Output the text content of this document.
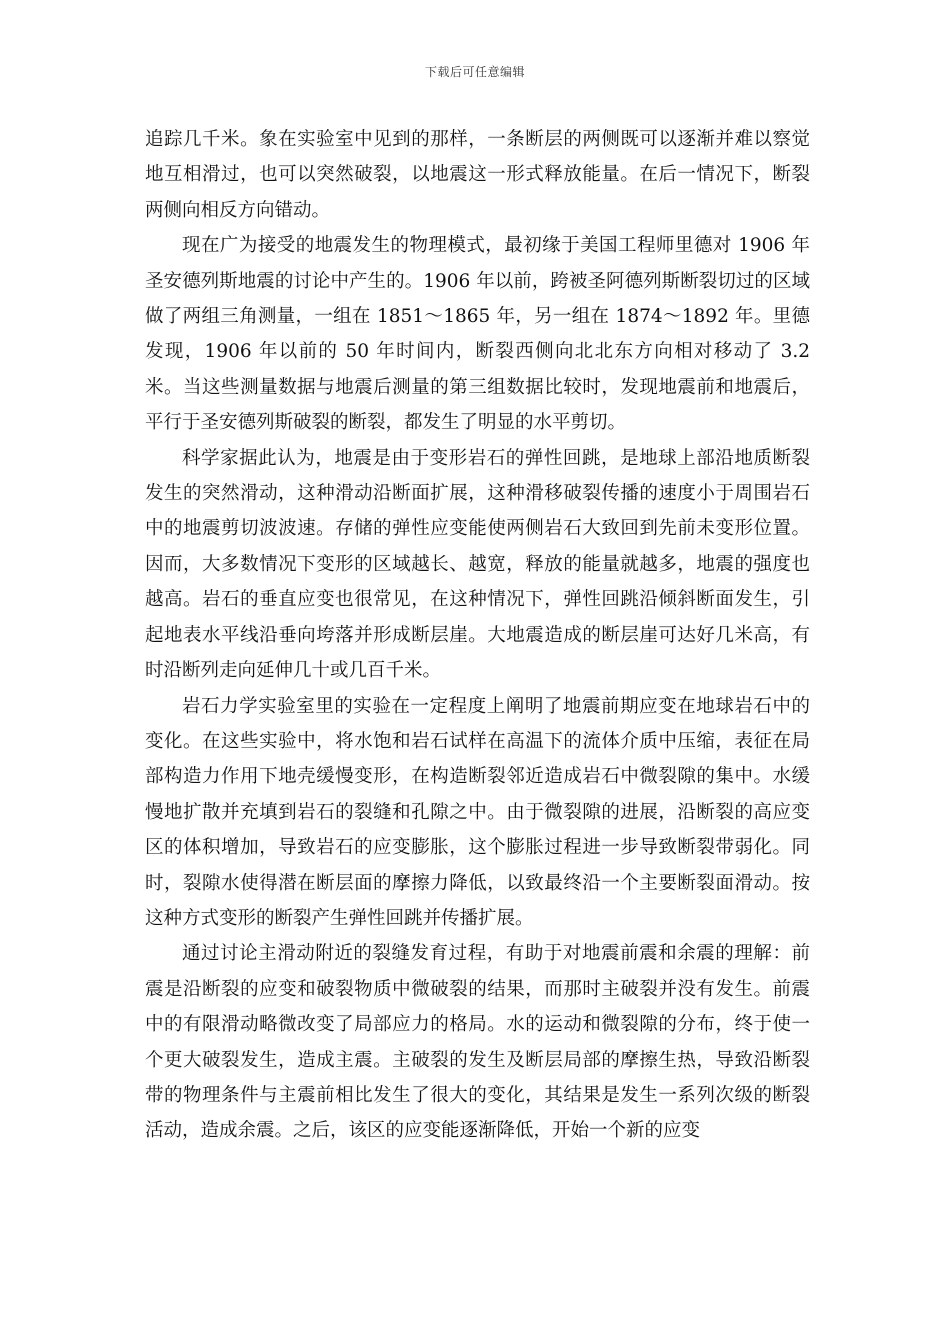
下载后可任意编辑

追踪几千米。象在实验室中见到的那样，一条断层的两侧既可以逐渐并难以察觉地互相滑过，也可以突然破裂，以地震这一形式释放能量。在后一情况下，断裂两侧向相反方向错动。

现在广为接受的地震发生的物理模式，最初缘于美国工程师里德对 1906 年圣安德列斯地震的讨论中产生的。1906 年以前，跨被圣阿德列斯断裂切过的区域做了两组三角测量，一组在 1851～1865 年，另一组在 1874～1892 年。里德发现，1906 年以前的 50 年时间内，断裂西侧向北北东方向相对移动了 3.2 米。当这些测量数据与地震后测量的第三组数据比较时，发现地震前和地震后，平行于圣安德列斯破裂的断裂，都发生了明显的水平剪切。

科学家据此认为，地震是由于变形岩石的弹性回跳，是地球上部沿地质断裂发生的突然滑动，这种滑动沿断面扩展，这种滑移破裂传播的速度小于周围岩石中的地震剪切波波速。存储的弹性应变能使两侧岩石大致回到先前未变形位置。因而，大多数情况下变形的区域越长、越宽，释放的能量就越多，地震的强度也越高。岩石的垂直应变也很常见，在这种情况下，弹性回跳沿倾斜断面发生，引起地表水平线沿垂向垮落并形成断层崖。大地震造成的断层崖可达好几米高，有时沿断列走向延伸几十或几百千米。

岩石力学实验室里的实验在一定程度上阐明了地震前期应变在地球岩石中的变化。在这些实验中，将水饱和岩石试样在高温下的流体介质中压缩，表征在局部构造力作用下地壳缓慢变形，在构造断裂邻近造成岩石中微裂隙的集中。水缓慢地扩散并充填到岩石的裂缝和孔隙之中。由于微裂隙的进展，沿断裂的高应变区的体积增加，导致岩石的应变膨胀，这个膨胀过程进一步导致断裂带弱化。同时，裂隙水使得潜在断层面的摩擦力降低，以致最终沿一个主要断裂面滑动。按这种方式变形的断裂产生弹性回跳并传播扩展。

通过讨论主滑动附近的裂缝发育过程，有助于对地震前震和余震的理解：前震是沿断裂的应变和破裂物质中微破裂的结果，而那时主破裂并没有发生。前震中的有限滑动略微改变了局部应力的格局。水的运动和微裂隙的分布，终于使一个更大破裂发生，造成主震。主破裂的发生及断层局部的摩擦生热，导致沿断裂带的物理条件与主震前相比发生了很大的变化，其结果是发生一系列次级的断裂活动，造成余震。之后，该区的应变能逐渐降低，开始一个新的应变
